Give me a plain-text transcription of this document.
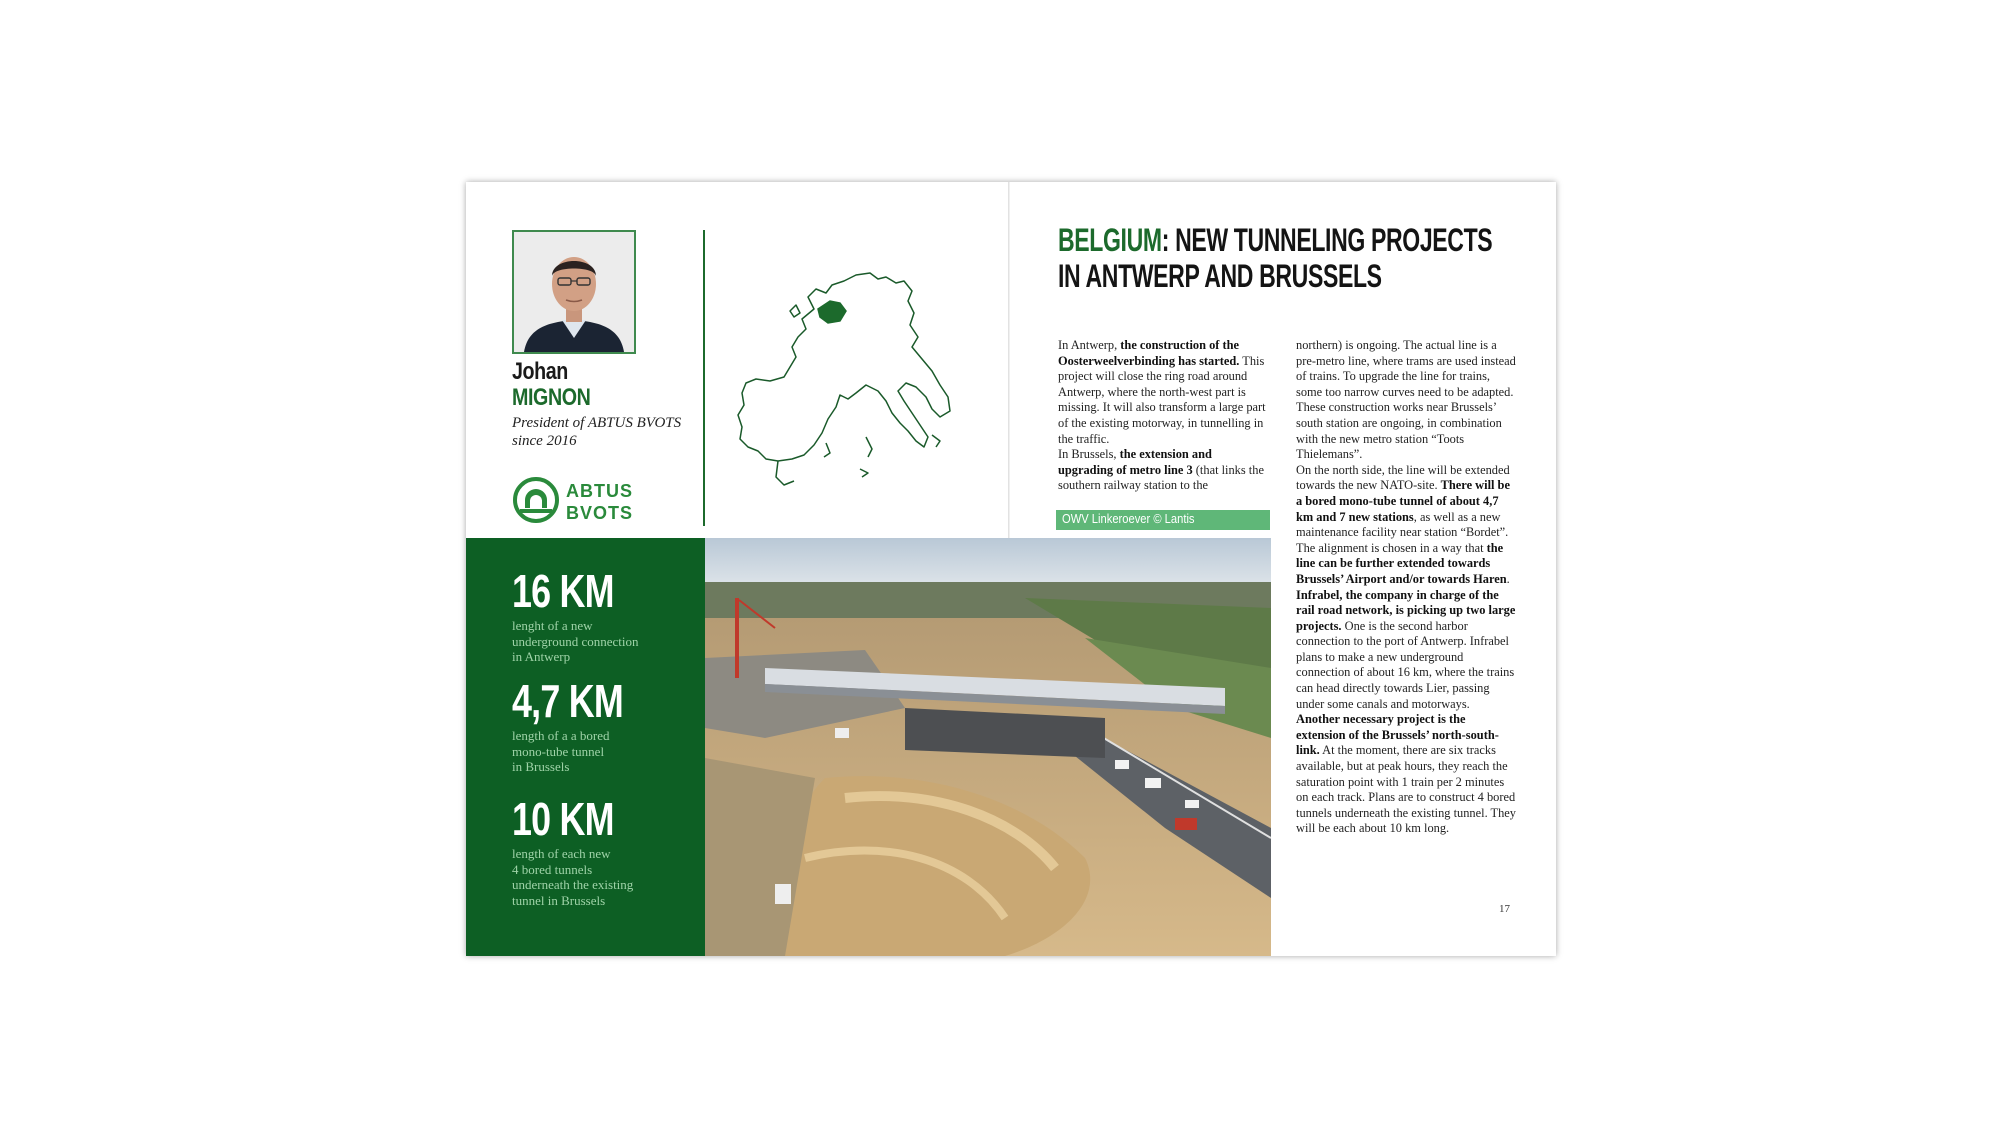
Johan
MIGNON
President of ABTUS BVOTS
since 2016
ABTUS
BVOTS
16 KM
lenght of a new
underground connection
in Antwerp
4,7 KM
length of a a bored
mono-tube tunnel
in Brussels
10 KM
length of each new
4 bored tunnels
underneath the existing
tunnel in Brussels
OWV Linkeroever © Lantis
BELGIUM: NEW TUNNELING PROJECTS
IN ANTWERP AND BRUSSELS

In Antwerp, the construction of the Oosterweelverbinding has started. This project will close the ring road around Antwerp, where the north-west part is missing. It will also transform a large part of the existing motorway, in tunnelling in the traffic.

In Brussels, the extension and upgrading of metro line 3 (that links the southern railway station to the

northern) is ongoing. The actual line is a pre-metro line, where trams are used instead of trains. To upgrade the line for trains, some too narrow curves need to be adapted. These construction works near Brussels’ south station are ongoing, in combination with the new metro station “Toots Thielemans”.

On the north side, the line will be extended towards the new NATO-site. There will be a bored mono-tube tunnel of about 4,7 km and 7 new stations, as well as a new maintenance facility near station “Bordet”. The alignment is chosen in a way that the line can be further extended towards Brussels’ Airport and/or towards Haren.

Infrabel, the company in charge of the rail road network, is picking up two large projects. One is the second harbor connection to the port of Antwerp. Infrabel plans to make a new underground connection of about 16 km, where the trains can head directly towards Lier, passing under some canals and motorways.

Another necessary project is the extension of the Brussels’ north-south-link. At the moment, there are six tracks available, but at peak hours, they reach the saturation point with 1 train per 2 minutes on each track. Plans are to construct 4 bored tunnels underneath the existing tunnel. They will be each about 10 km long.

17
